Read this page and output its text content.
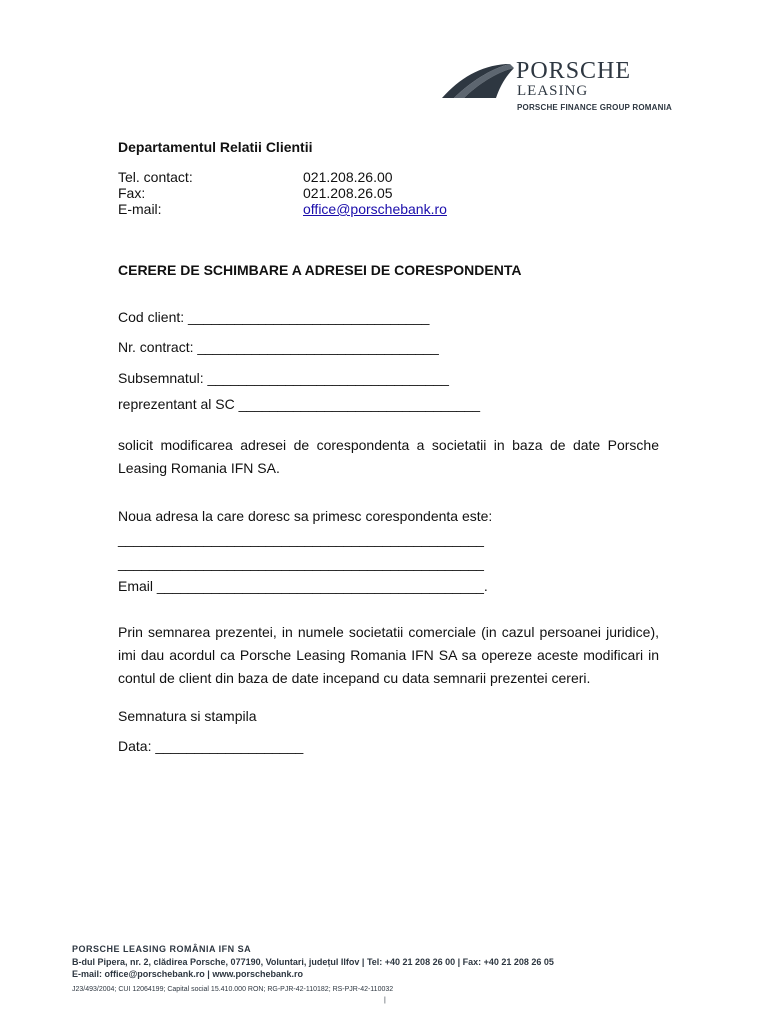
PORSCHE
LEASING
PORSCHE FINANCE GROUP ROMANIA
Departamentul Relatii Clientii
Tel. contact:	021.208.26.00
Fax:	021.208.26.05
E-mail:	office@porschebank.ro
CERERE DE SCHIMBARE A ADRESEI DE CORESPONDENTA
Cod client: _______________________________
Nr. contract: _______________________________
Subsemnatul: _______________________________
reprezentant al SC _______________________________
solicit modificarea adresei de corespondenta a societatii in baza de date Porsche Leasing Romania IFN SA.
Noua adresa la care doresc sa primesc corespondenta este:
_______________________________________________
_______________________________________________
Email __________________________________________.
Prin semnarea prezentei, in numele societatii comerciale (in cazul persoanei juridice), imi dau acordul ca Porsche Leasing Romania IFN SA sa opereze aceste modificari in contul de client din baza de date incepand cu data semnarii prezentei cereri.
Semnatura si stampila
Data: ___________________
PORSCHE LEASING ROMÂNIA IFN SA
B-dul Pipera, nr. 2, clădirea Porsche, 077190, Voluntari, județul Ilfov | Tel: +40 21 208 26 00 | Fax: +40 21 208 26 05
E-mail: office@porschebank.ro | www.porschebank.ro
J23/493/2004; CUI 12064199; Capital social 15.410.000 RON; RG-PJR-42-110182; RS-PJR-42-110032
|
